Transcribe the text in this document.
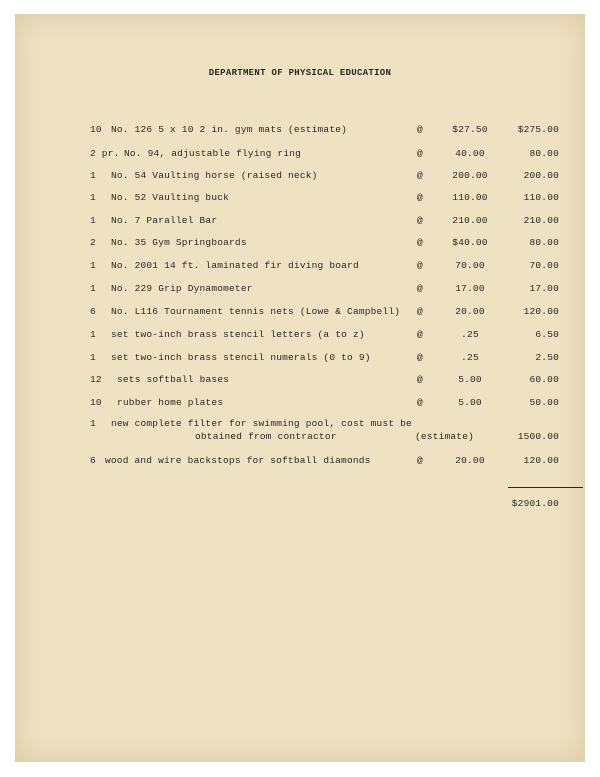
DEPARTMENT OF PHYSICAL EDUCATION
10 No. 126 5 x 10 2 in. gym mats (estimate)	@	$27.50	$275.00
2 pr. No. 94, adjustable flying ring	@	40.00	80.00
1 No. 54 Vaulting horse (raised neck)	@	200.00	200.00
1 No. 52 Vaulting buck	@	110.00	110.00
1 No. 7 Parallel Bar	@	210.00	210.00
2 No. 35 Gym Springboards	@	$40.00	80.00
1 No. 2001 14 ft. laminated fir diving board	@	70.00	70.00
1 No. 229 Grip Dynamometer	@	17.00	17.00
6 No. L116 Tournament tennis nets (Lowe & Campbell) @	20.00	120.00
1 set two-inch brass stencil letters (a to z)	@	.25	6.50
1 set two-inch brass stencil numerals (0 to 9)	@	.25	2.50
12 sets softball bases	@	5.00	60.00
10 rubber home plates	@	5.00	50.00
1 new complete filter for swimming pool, cost must be
obtained from contractor	(estimate)	1500.00
6 wood and wire backstops for softball diamonds	@	20.00	120.00
$2901.00
